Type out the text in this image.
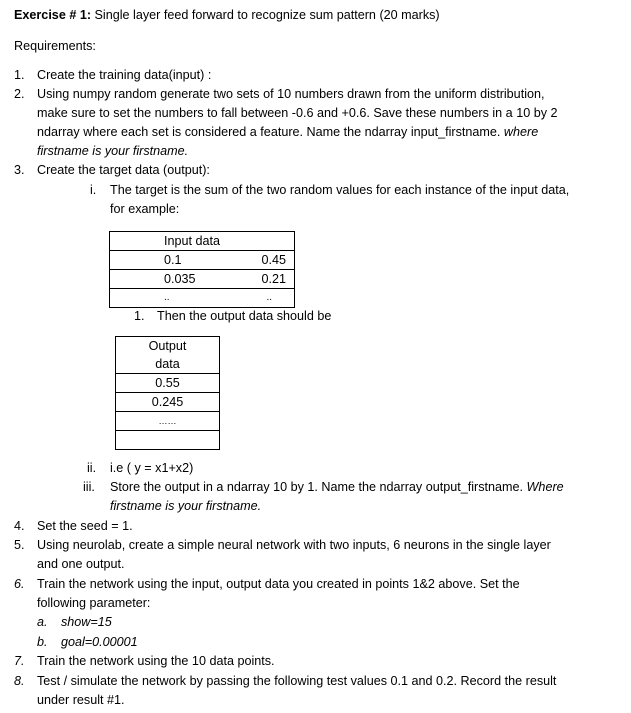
Exercise # 1: Single layer feed forward to recognize sum pattern (20 marks)
Requirements:
1. Create the training data(input) :
2. Using numpy random generate two sets of 10 numbers drawn from the uniform distribution,
make sure to set the numbers to fall between -0.6 and +0.6. Save these numbers in a 10 by 2
ndarray where each set is considered a feature. Name the ndarray input_firstname. where
firstname is your firstname.
3. Create the target data (output):
i. The target is the sum of the two random values for each instance of the input data,
for example:
Input data	
0.1	0.45
0.035	0.21
..	..
1. Then the output data should be
Output
data

0.55
0.245
……

ii. i.e ( y = x1+x2)
iii. Store the output in a ndarray 10 by 1. Name the ndarray output_firstname. Where
firstname is your firstname.
4. Set the seed = 1.
5. Using neurolab, create a simple neural network with two inputs, 6 neurons in the single layer
and one output.
6. Train the network using the input, output data you created in points 1&2 above. Set the
following parameter:
a. show=15
b. goal=0.00001
7. Train the network using the 10 data points.
8. Test / simulate the network by passing the following test values 0.1 and 0.2. Record the result
under result #1.
